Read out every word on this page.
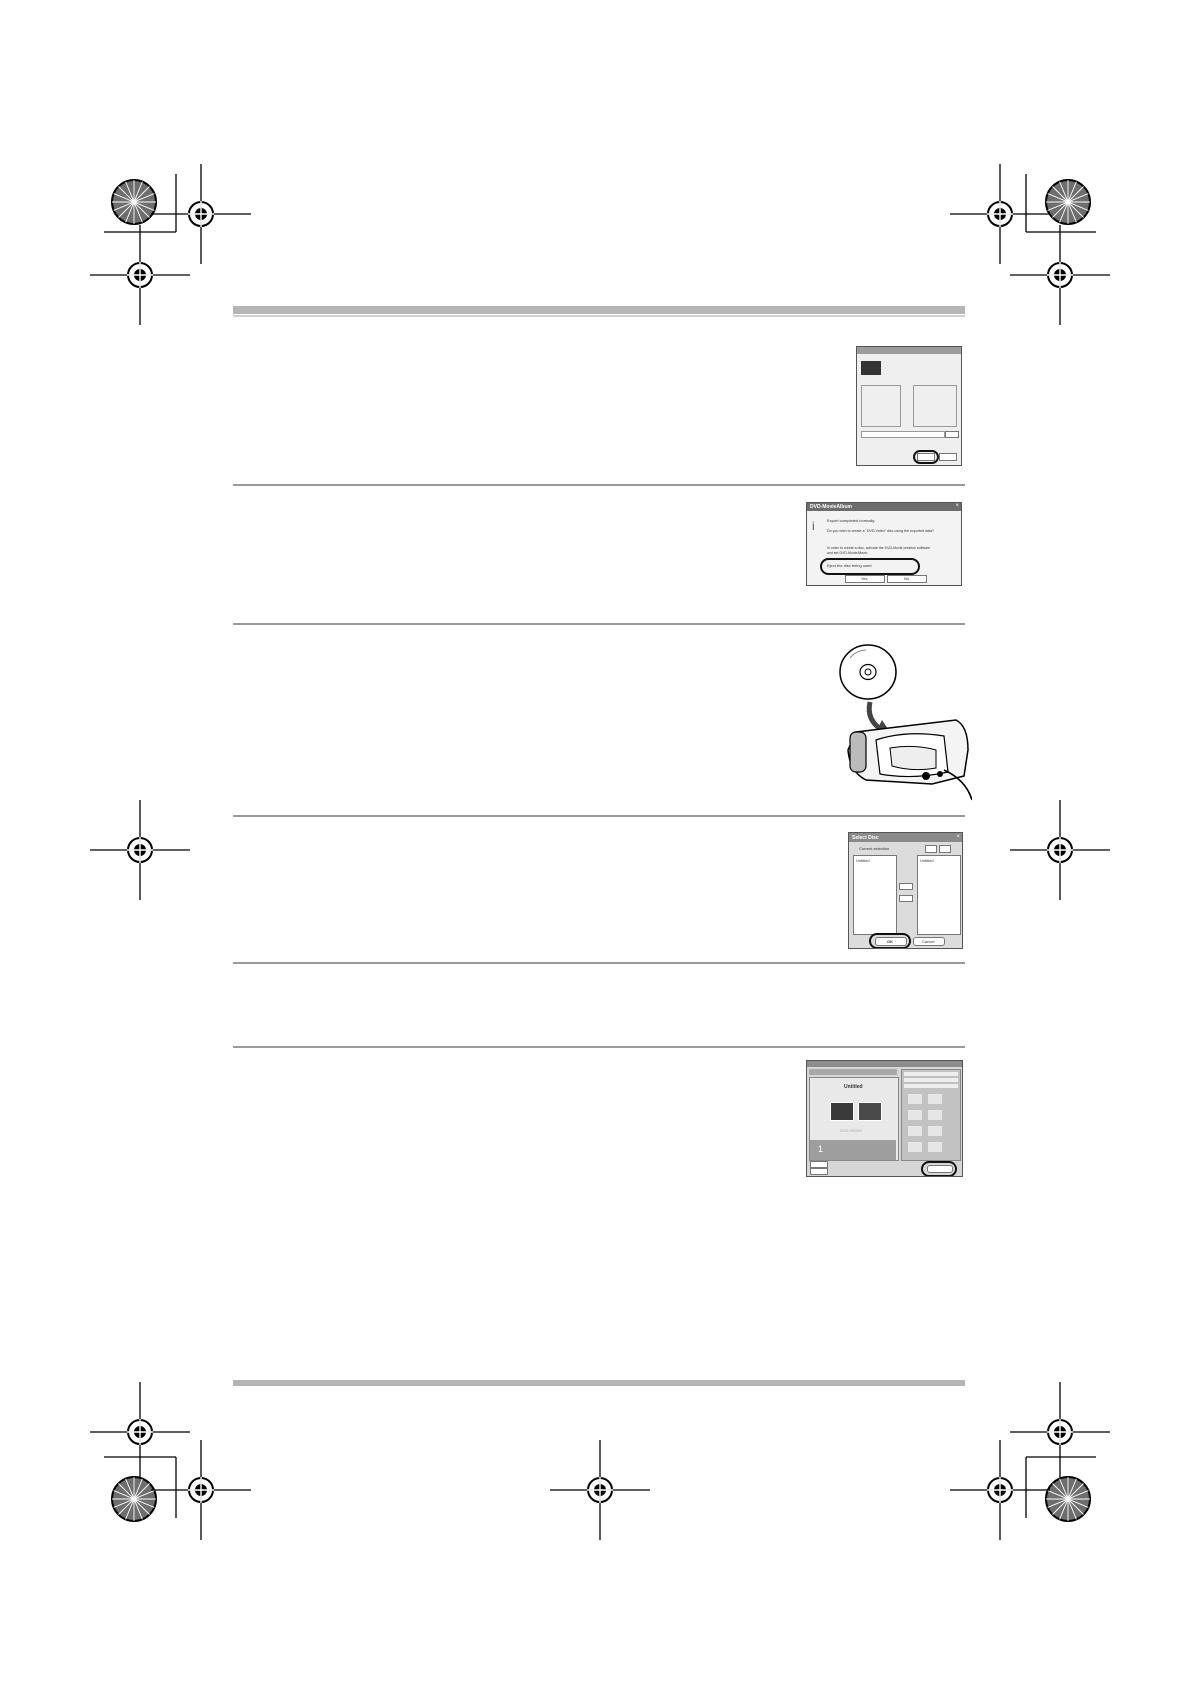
DVD-MovieAlbum	×
i	Export completed normally.
Do you wish to create a "DVD-Video" disc using the exported data?
In order to create a disc, activate the DVD-Movie creation software
and set DVD-MovieAlbum.
Eject the disc being used
Yes	No
Select Disc	×
Current selection
Untitled	Untitled
OK	Cancel
Untitled
DVD-VIDEO
1
